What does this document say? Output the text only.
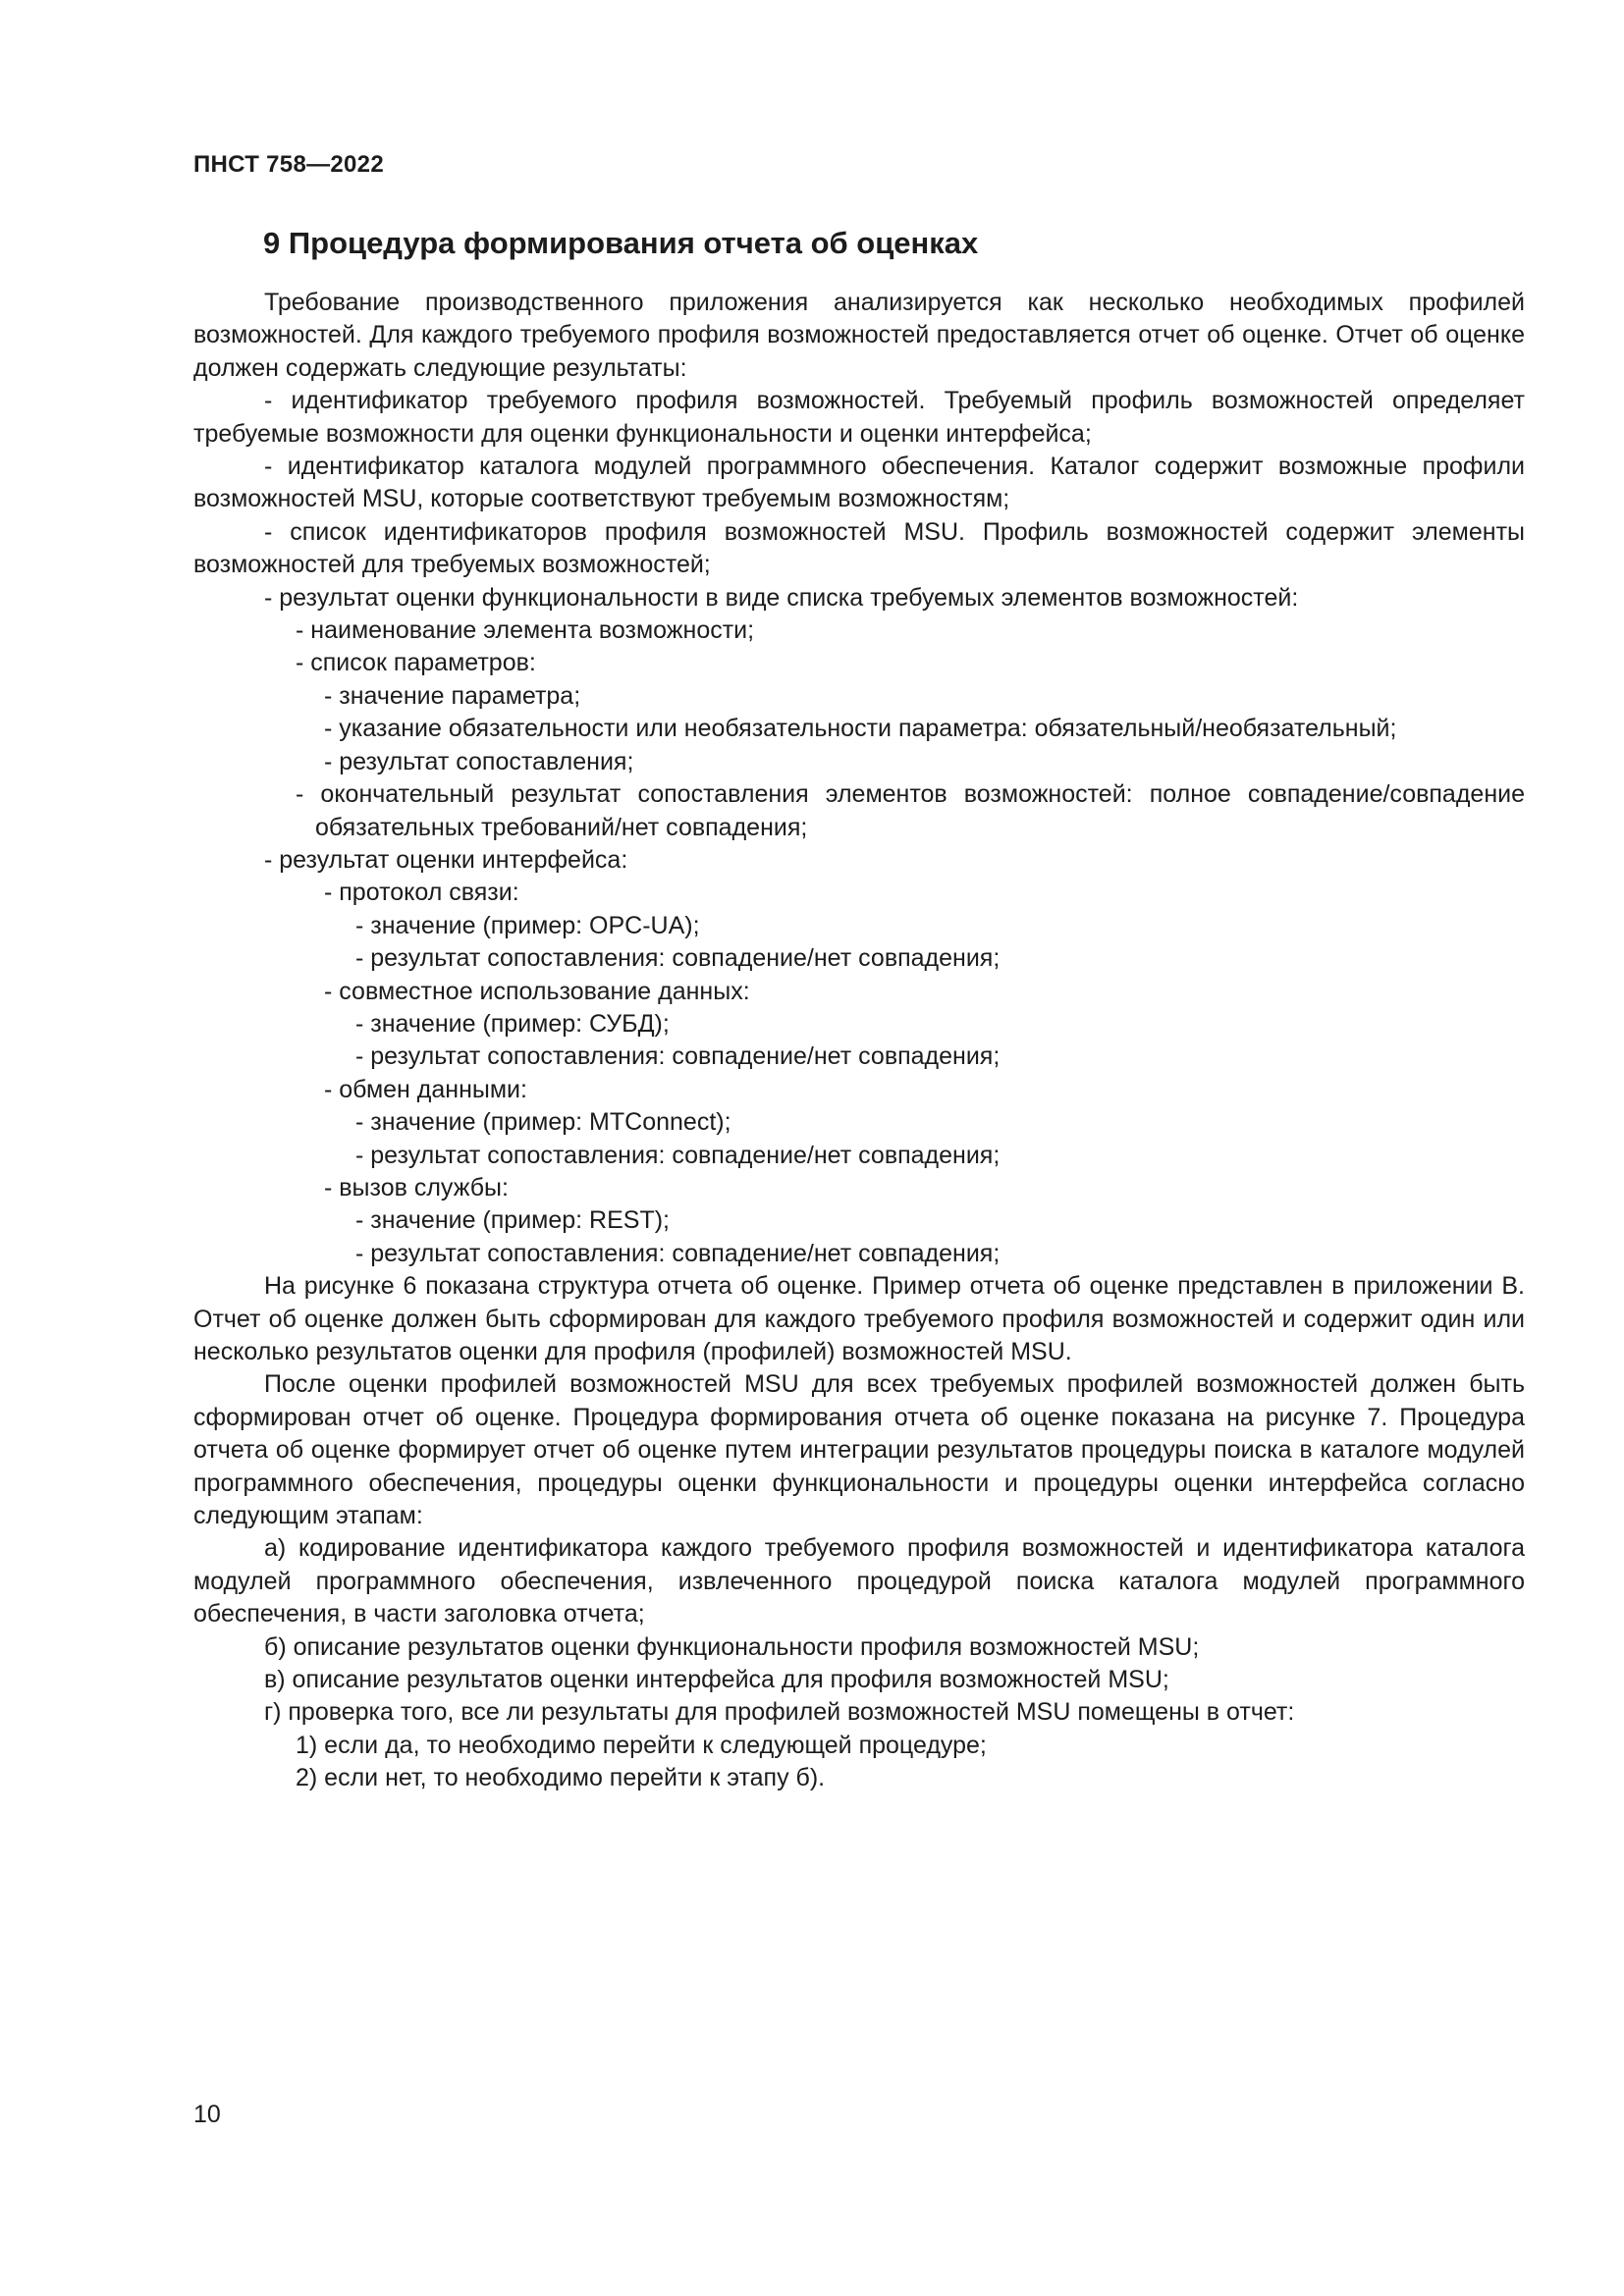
ПНСТ 758—2022
9 Процедура формирования отчета об оценках

Требование производственного приложения анализируется как несколько необходимых профилей возможностей. Для каждого требуемого профиля возможностей предоставляется отчет об оценке. Отчет об оценке должен содержать следующие результаты:

- идентификатор требуемого профиля возможностей. Требуемый профиль возможностей определяет требуемые возможности для оценки функциональности и оценки интерфейса;

- идентификатор каталога модулей программного обеспечения. Каталог содержит возможные профили возможностей MSU, которые соответствуют требуемым возможностям;

- список идентификаторов профиля возможностей MSU. Профиль возможностей содержит элементы возможностей для требуемых возможностей;

- результат оценки функциональности в виде списка требуемых элементов возможностей:

- наименование элемента возможности;

- список параметров:

- значение параметра;

- указание обязательности или необязательности параметра: обязательный/необязательный;

- результат сопоставления;

- окончательный результат сопоставления элементов возможностей: полное совпадение/совпадение обязательных требований/нет совпадения;

- результат оценки интерфейса:

- протокол связи:

- значение (пример: OPC-UA);

- результат сопоставления: совпадение/нет совпадения;

- совместное использование данных:

- значение (пример: СУБД);

- результат сопоставления: совпадение/нет совпадения;

- обмен данными:

- значение (пример: MTConnect);

- результат сопоставления: совпадение/нет совпадения;

- вызов службы:

- значение (пример: REST);

- результат сопоставления: совпадение/нет совпадения;

На рисунке 6 показана структура отчета об оценке. Пример отчета об оценке представлен в приложении B. Отчет об оценке должен быть сформирован для каждого требуемого профиля возможностей и содержит один или несколько результатов оценки для профиля (профилей) возможностей MSU.

После оценки профилей возможностей MSU для всех требуемых профилей возможностей должен быть сформирован отчет об оценке. Процедура формирования отчета об оценке показана на рисунке 7. Процедура отчета об оценке формирует отчет об оценке путем интеграции результатов процедуры поиска в каталоге модулей программного обеспечения, процедуры оценки функциональности и процедуры оценки интерфейса согласно следующим этапам:

а) кодирование идентификатора каждого требуемого профиля возможностей и идентификатора каталога модулей программного обеспечения, извлеченного процедурой поиска каталога модулей программного обеспечения, в части заголовка отчета;

б) описание результатов оценки функциональности профиля возможностей MSU;

в) описание результатов оценки интерфейса для профиля возможностей MSU;

г) проверка того, все ли результаты для профилей возможностей MSU помещены в отчет:

1) если да, то необходимо перейти к следующей процедуре;

2) если нет, то необходимо перейти к этапу б).

10
